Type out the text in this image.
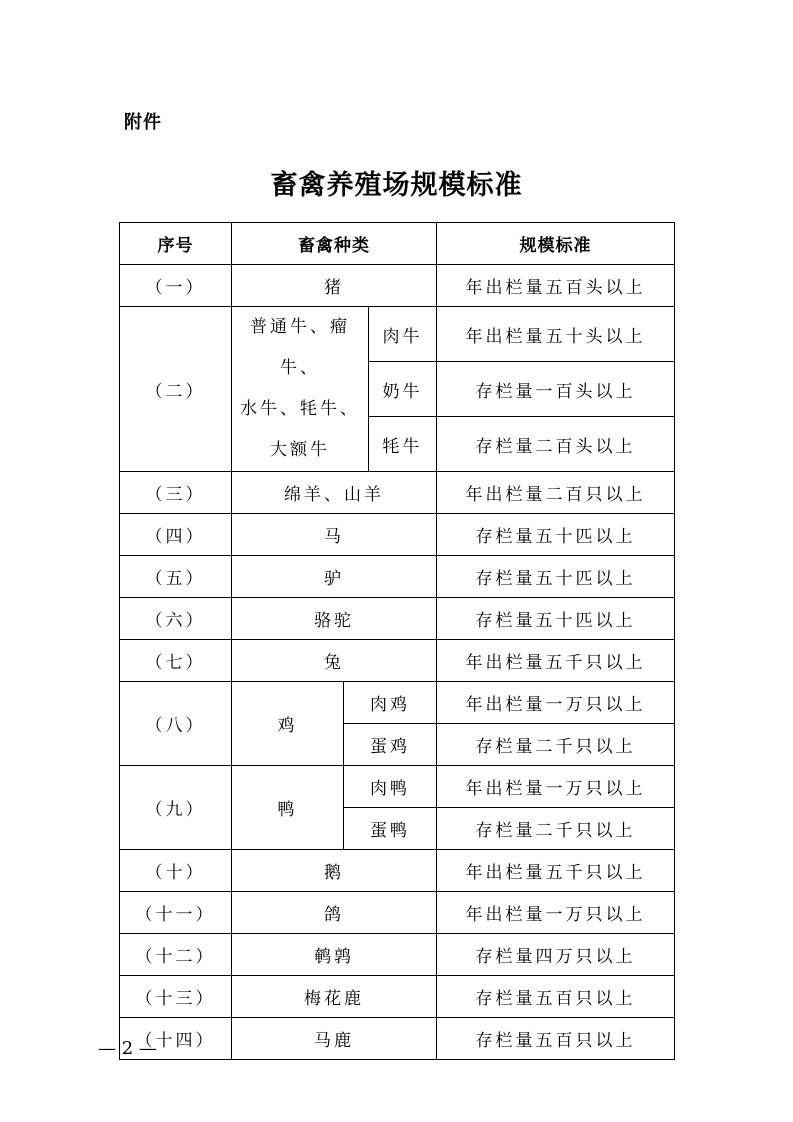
附件
畜禽养殖场规模标准
序号	畜禽种类			规模标准
（一）	猪			年出栏量五百头以上
（二）	普通牛、瘤牛、
水牛、牦牛、
大额牛		肉牛	年出栏量五十头以上
			奶牛	存栏量一百头以上
			牦牛	存栏量二百头以上
（三）	绵羊、山羊			年出栏量二百只以上
（四）	马			存栏量五十匹以上
（五）	驴			存栏量五十匹以上
（六）	骆驼			存栏量五十匹以上
（七）	兔			年出栏量五千只以上
（八）	鸡	肉鸡		年出栏量一万只以上
		蛋鸡		存栏量二千只以上
（九）	鸭	肉鸭		年出栏量一万只以上
		蛋鸭		存栏量二千只以上
（十）	鹅			年出栏量五千只以上
（十一）	鸽			年出栏量一万只以上
（十二）	鹌鹑			存栏量四万只以上
（十三）	梅花鹿			存栏量五百只以上
（十四）	马鹿			存栏量五百只以上
— 2 —
